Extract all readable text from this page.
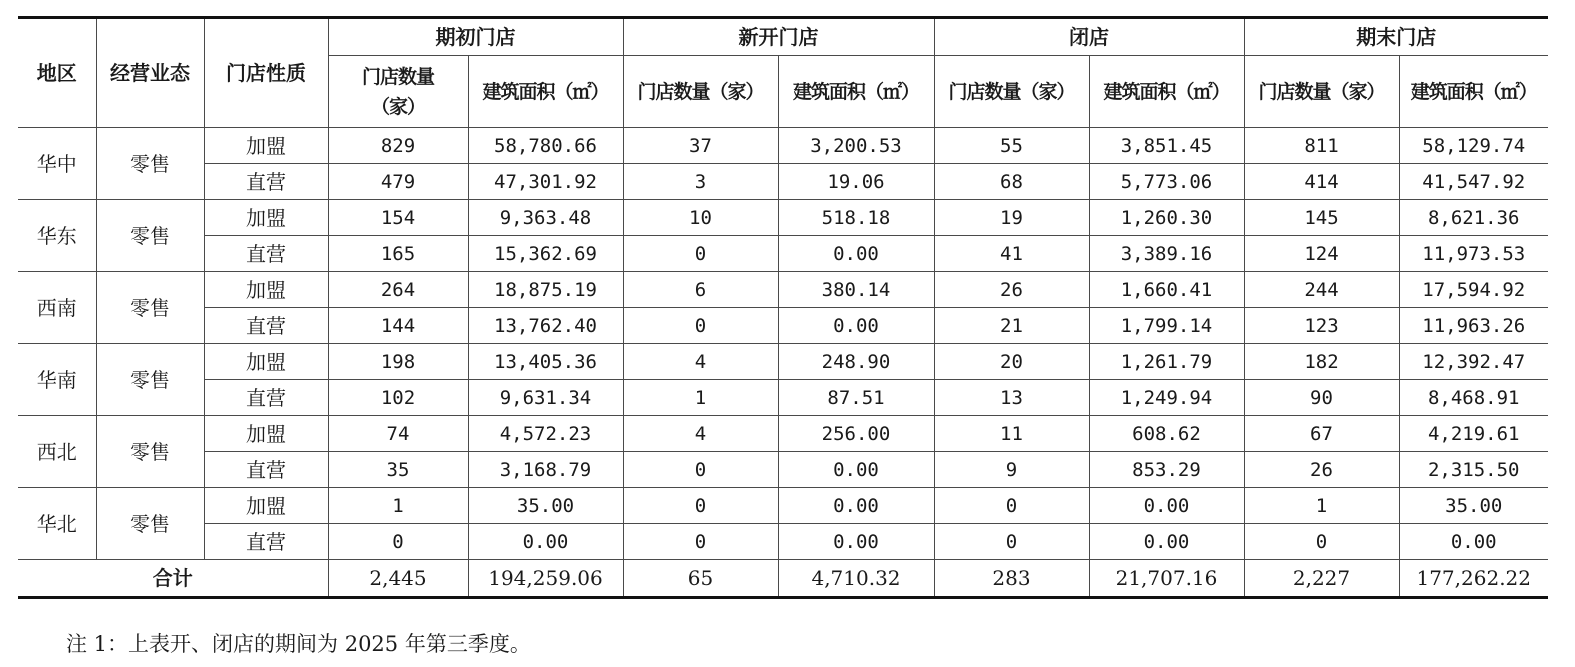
地区	经营业态	门店性质	期初门店		新开门店		闭店		期末门店	
			门店数量（家）	建筑面积（㎡）	门店数量（家）	建筑面积（㎡）	门店数量（家）	建筑面积（㎡）	门店数量（家）	建筑面积（㎡）
华中	零售	加盟	829	58,780.66	37	3,200.53	55	3,851.45	811	58,129.74
		直营	479	47,301.92	3	19.06	68	5,773.06	414	41,547.92
华东	零售	加盟	154	9,363.48	10	518.18	19	1,260.30	145	8,621.36
		直营	165	15,362.69	0	0.00	41	3,389.16	124	11,973.53
西南	零售	加盟	264	18,875.19	6	380.14	26	1,660.41	244	17,594.92
		直营	144	13,762.40	0	0.00	21	1,799.14	123	11,963.26
华南	零售	加盟	198	13,405.36	4	248.90	20	1,261.79	182	12,392.47
		直营	102	9,631.34	1	87.51	13	1,249.94	90	8,468.91
西北	零售	加盟	74	4,572.23	4	256.00	11	608.62	67	4,219.61
		直营	35	3,168.79	0	0.00	9	853.29	26	2,315.50
华北	零售	加盟	1	35.00	0	0.00	0	0.00	1	35.00
		直营	0	0.00	0	0.00	0	0.00	0	0.00
合计			2,445	194,259.06	65	4,710.32	283	21,707.16	2,227	177,262.22
注 1：上表开、闭店的期间为 2025 年第三季度。
